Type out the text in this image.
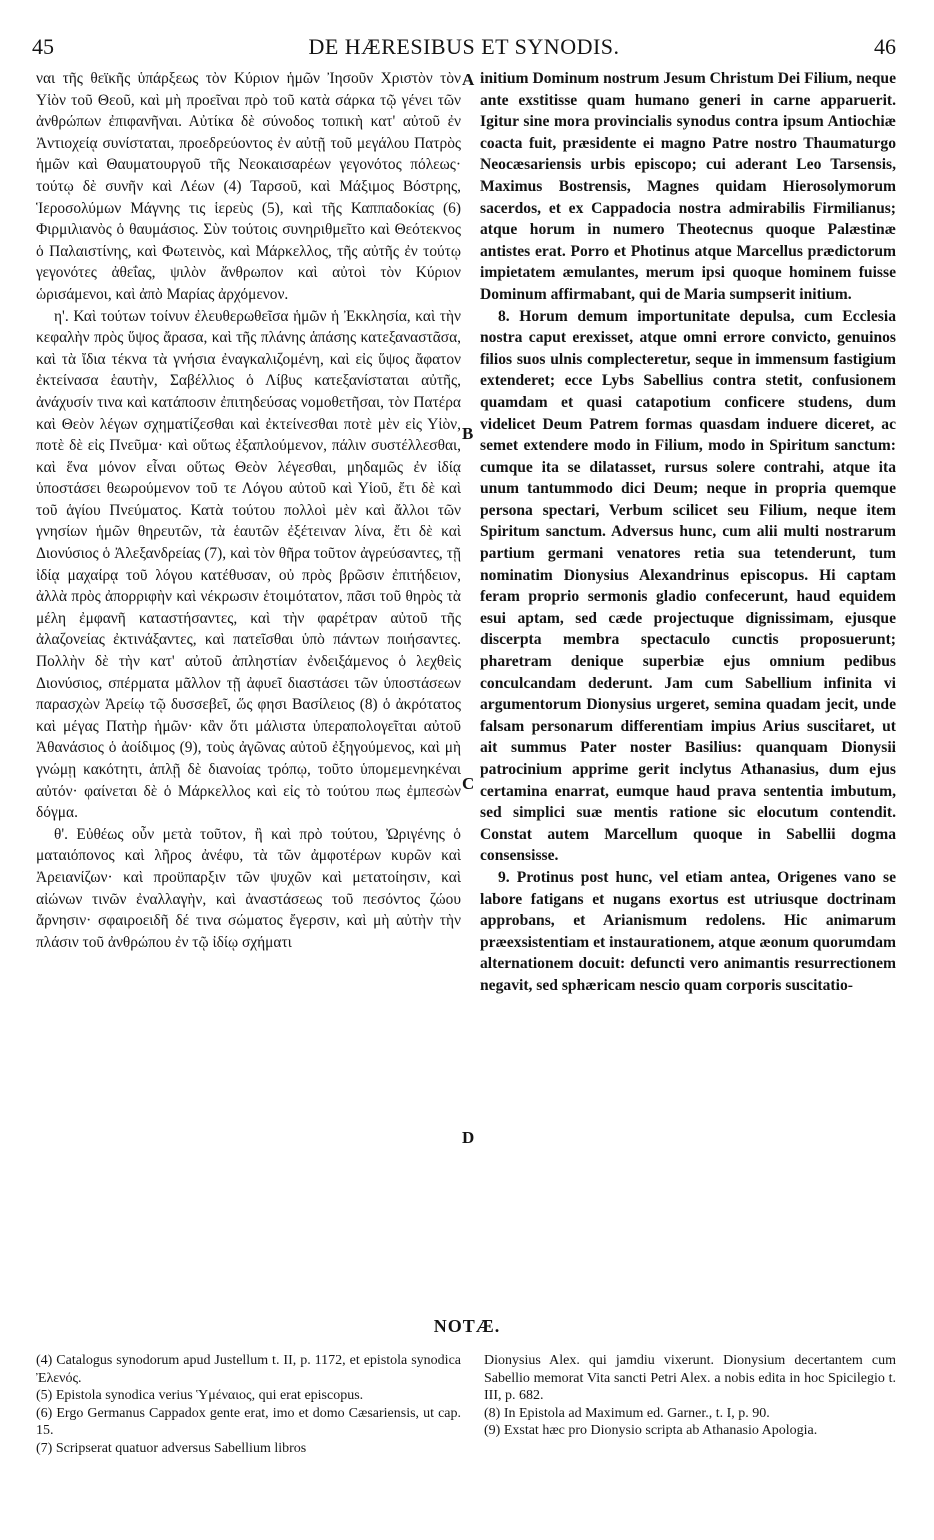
45	DE HÆRESIBUS ET SYNODIS.	46

ναι τῆς θεϊκῆς ὑπάρξεως τὸν Κύριον ἡμῶν Ἰησοῦν Χριστὸν τὸν Υἱὸν τοῦ Θεοῦ, καὶ μὴ προεῖναι πρὸ τοῦ κατὰ σάρκα τῷ γένει τῶν ἀνθρώπων ἐπιφανῆναι. Αὐτίκα δὲ σύνοδος τοπικὴ κατ' αὐτοῦ ἐν Ἀντιοχείᾳ συνίσταται, προεδρεύοντος ἐν αὐτῇ τοῦ μεγάλου Πατρὸς ἡμῶν καὶ Θαυματουργοῦ τῆς Νεοκαισαρέων γεγονότος πόλεως· τούτῳ δὲ συνῆν καὶ Λέων (4) Ταρσοῦ, καὶ Μάξιμος Βόστρης, Ἱεροσολύμων Μάγνης τις ἱερεὺς (5), καὶ τῆς Καππαδοκίας (6) Φιρμιλιανὸς ὁ θαυμάσιος. Σὺν τούτοις συνηριθμεῖτο καὶ Θεότεκνος ὁ Παλαιστίνης, καὶ Φωτεινὸς, καὶ Μάρκελλος, τῆς αὐτῆς ἐν τούτῳ γεγονότες ἀθεΐας, ψιλὸν ἄνθρωπον καὶ αὐτοὶ τὸν Κύριον ὡρισάμενοι, καὶ ἀπὸ Μαρίας ἀρχόμενον.

η'. Καὶ τούτων τοίνυν ἐλευθερωθεῖσα ἡμῶν ἡ Ἐκκλησία, καὶ τὴν κεφαλὴν πρὸς ὕψος ἄρασα, καὶ τῆς πλάνης ἁπάσης κατεξαναστᾶσα, καὶ τὰ ἴδια τέκνα τὰ γνήσια ἐναγκαλιζομένη, καὶ εἰς ὕψος ἄφατον ἐκτείνασα ἑαυτὴν, Σαβέλλιος ὁ Λίβυς κατεξανίσταται αὐτῆς, ἀνάχυσίν τινα καὶ κατάποσιν ἐπιτηδεύσας νομοθετῆσαι, τὸν Πατέρα καὶ Θεὸν λέγων σχηματίζεσθαι καὶ ἐκτείνεσθαι ποτὲ μὲν εἰς Υἱὸν, ποτὲ δὲ εἰς Πνεῦμα· καὶ οὕτως ἐξαπλούμενον, πάλιν συστέλλεσθαι, καὶ ἕνα μόνον εἶναι οὕτως Θεὸν λέγεσθαι, μηδαμῶς ἐν ἰδίᾳ ὑποστάσει θεωρούμενον τοῦ τε Λόγου αὐτοῦ καὶ Υἱοῦ, ἔτι δὲ καὶ τοῦ ἁγίου Πνεύματος. Κατὰ τούτου πολλοὶ μὲν καὶ ἄλλοι τῶν γνησίων ἡμῶν θηρευτῶν, τὰ ἑαυτῶν ἐξέτειναν λίνα, ἔτι δὲ καὶ Διονύσιος ὁ Ἀλεξανδρείας (7), καὶ τὸν θῆρα τοῦτον ἀγρεύσαντες, τῇ ἰδίᾳ μαχαίρᾳ τοῦ λόγου κατέθυσαν, οὐ πρὸς βρῶσιν ἐπιτήδειον, ἀλλὰ πρὸς ἀπορριφὴν καὶ νέκρωσιν ἑτοιμότατον, πᾶσι τοῦ θηρὸς τὰ μέλη ἐμφανῆ καταστήσαντες, καὶ τὴν φαρέτραν αὐτοῦ τῆς ἀλαζονείας ἐκτινάξαντες, καὶ πατεῖσθαι ὑπὸ πάντων ποιήσαντες. Πολλὴν δὲ τὴν κατ' αὐτοῦ ἀπληστίαν ἐνδειξάμενος ὁ λεχθεὶς Διονύσιος, σπέρματα μᾶλλον τῇ ἀφυεῖ διαστάσει τῶν ὑποστάσεων παρασχὼν Ἀρείῳ τῷ δυσσεβεῖ, ὥς φησι Βασίλειος (8) ὁ ἀκρότατος καὶ μέγας Πατὴρ ἡμῶν· κἂν ὅτι μάλιστα ὑπεραπολογεῖται αὐτοῦ Ἀθανάσιος ὁ ἀοίδιμος (9), τοὺς ἀγῶνας αὐτοῦ ἐξηγούμενος, καὶ μὴ γνώμῃ κακότητι, ἁπλῇ δὲ διανοίας τρόπῳ, τοῦτο ὑπομεμενηκέναι αὐτόν· φαίνεται δὲ ὁ Μάρκελλος καὶ εἰς τὸ τούτου πως ἐμπεσὼν δόγμα.

θ'. Εὐθέως οὖν μετὰ τοῦτον, ἢ καὶ πρὸ τούτου, Ὠριγένης ὁ ματαιόπονος καὶ λῆρος ἀνέφυ, τὰ τῶν ἀμφοτέρων κυρῶν καὶ Ἀρειανίζων· καὶ προϋπαρξιν τῶν ψυχῶν καὶ μετατοίησιν, καὶ αἰώνων τινῶν ἐναλλαγὴν, καὶ ἀναστάσεως τοῦ πεσόντος ζώου ἄρνησιν· σφαιροειδῆ δέ τινα σώματος ἔγερσιν, καὶ μὴ αὐτὴν τὴν πλάσιν τοῦ ἀνθρώπου ἐν τῷ ἰδίῳ σχήματι

A
B
C
D

initium Dominum nostrum Jesum Christum Dei Filium, neque ante exstitisse quam humano generi in carne apparuerit. Igitur sine mora provincialis synodus contra ipsum Antiochiæ coacta fuit, præsidente ei magno Patre nostro Thaumaturgo Neocæsariensis urbis episcopo; cui aderant Leo Tarsensis, Maximus Bostrensis, Magnes quidam Hierosolymorum sacerdos, et ex Cappadocia nostra admirabilis Firmilianus; atque horum in numero Theotecnus quoque Palæstinæ antistes erat. Porro et Photinus atque Marcellus prædictorum impietatem æmulantes, merum ipsi quoque hominem fuisse Dominum affirmabant, qui de Maria sumpserit initium.

8. Horum demum importunitate depulsa, cum Ecclesia nostra caput erexisset, atque omni errore convicto, genuinos filios suos ulnis complecteretur, seque in immensum fastigium extenderet; ecce Lybs Sabellius contra stetit, confusionem quamdam et quasi catapotium conficere studens, dum videlicet Deum Patrem formas quasdam induere diceret, ac semet extendere modo in Filium, modo in Spiritum sanctum: cumque ita se dilatasset, rursus solere contrahi, atque ita unum tantummodo dici Deum; neque in propria quemque persona spectari, Verbum scilicet seu Filium, neque item Spiritum sanctum. Adversus hunc, cum alii multi nostrarum partium germani venatores retia sua tetenderunt, tum nominatim Dionysius Alexandrinus episcopus. Hi captam feram proprio sermonis gladio confecerunt, haud equidem esui aptam, sed cæde projectuque dignissimam, ejusque discerpta membra spectaculo cunctis proposuerunt; pharetram denique superbiæ ejus omnium pedibus conculcandam dederunt. Jam cum Sabellium infinita vi argumentorum Dionysius urgeret, semina quadam jecit, unde falsam personarum differentiam impius Arius susciṫaret, ut ait summus Pater noster Basilius: quanquam Dionysii patrocinium apprime gerit inclytus Athanasius, dum ejus certamina enarrat, eumque haud prava sententia imbutum, sed simplici suæ mentis ratione sic elocutum contendit. Constat autem Marcellum quoque in Sabellii dogma consensisse.

9. Protinus post hunc, vel etiam antea, Origenes vano se labore fatigans et nugans exortus est utriusque doctrinam approbans, et Arianismum redolens. Hic animarum præexsistentiam et instaurationem, atque æonum quorumdam alternationem docuit: defuncti vero animantis resurrectionem negavit, sed sphæricam nescio quam corporis suscitatio-

NOTÆ.

(4) Catalogus synodorum apud Justellum t. II, p. 1172, et epistola synodica Ἐλενός.

(5) Epistola synodica verius Ὑμέναιος, qui erat episcopus.

(6) Ergo Germanus Cappadox gente erat, imo et domo Cæsariensis, ut cap. 15.

(7) Scripserat quatuor adversus Sabellium libros

Dionysius Alex. qui jamdiu vixerunt. Dionysium decertantem cum Sabellio memorat Vita sancti Petri Alex. a nobis edita in hoc Spicilegio t. III, p. 682.

(8) In Epistola ad Maximum ed. Garner., t. I, p. 90.

(9) Exstat hæc pro Dionysio scripta ab Athanasio Apologia.
